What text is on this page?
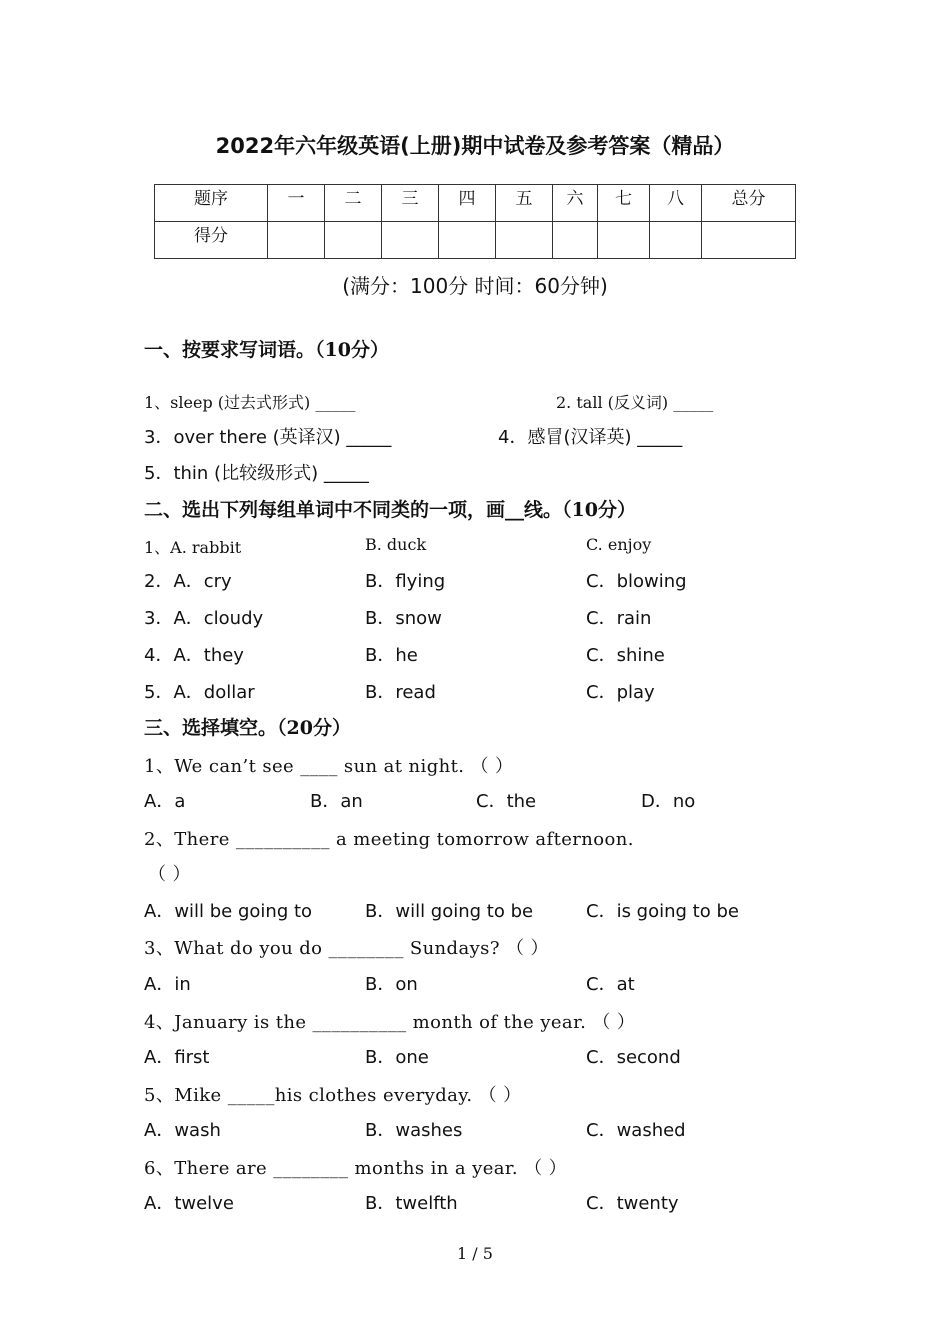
2022年六年级英语(上册)期中试卷及参考答案（精品）
题序	一	二	三	四	五	六	七	八	总分
得分									
(满分：100分 时间：60分钟)
一、按要求写词语。（10分）
1、sleep (过去式形式) _____	2. tall (反义词) _____
3．over there (英译汉) _____	4．感冒(汉译英) _____
5．thin (比较级形式) _____
二、选出下列每组单词中不同类的一项，画__线。（10分）
1、A. rabbit	B. duck	C. enjoy
2．A．cry	B．flying	C．blowing
3．A．cloudy	B．snow	C．rain
4．A．they	B．he	C．shine
5．A．dollar	B．read	C．play
三、选择填空。（20分）
1、We can’t see ____ sun at night. （ ）
A．a	B．an	C．the	D．no
2、There __________ a meeting tomorrow afternoon.
（ ）
A．will be going to	B．will going to be	C．is going to be
3、What do you do ________ Sundays? （ ）
A．in	B．on	C．at
4、January is the __________ month of the year. （ ）
A．first	B．one	C．second
5、Mike _____his clothes everyday. （ ）
A．wash	B．washes	C．washed
6、There are ________ months in a year. （ ）
A．twelve	B．twelfth	C．twenty
1 / 5
